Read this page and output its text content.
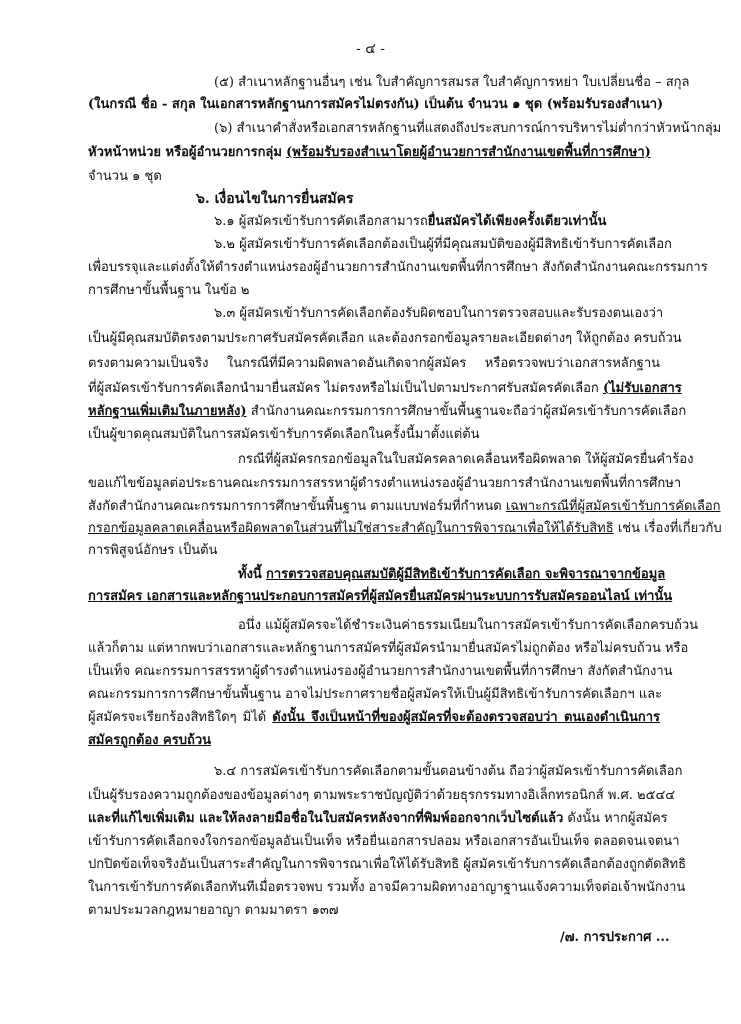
- ๔ -
(๕) สำเนาหลักฐานอื่นๆ เช่น ใบสำคัญการสมรส ใบสำคัญการหย่า ใบเปลี่ยนชื่อ – สกุล
(ในกรณี ชื่อ - สกุล ในเอกสารหลักฐานการสมัครไม่ตรงกัน) เป็นต้น จำนวน ๑ ชุด (พร้อมรับรองสำเนา)
(๖) สำเนาคำสั่งหรือเอกสารหลักฐานที่แสดงถึงประสบการณ์การบริหารไม่ต่ำกว่าหัวหน้ากลุ่ม
หัวหน้าหน่วย หรือผู้อำนวยการกลุ่ม (พร้อมรับรองสำเนาโดยผู้อำนวยการสำนักงานเขตพื้นที่การศึกษา)
จำนวน ๑ ชุด
๖. เงื่อนไขในการยื่นสมัคร
๖.๑ ผู้สมัครเข้ารับการคัดเลือกสามารถยื่นสมัครได้เพียงครั้งเดียวเท่านั้น
๖.๒ ผู้สมัครเข้ารับการคัดเลือกต้องเป็นผู้ที่มีคุณสมบัติของผู้มีสิทธิเข้ารับการคัดเลือก
เพื่อบรรจุและแต่งตั้งให้ดำรงตำแหน่งรองผู้อำนวยการสำนักงานเขตพื้นที่การศึกษา สังกัดสำนักงานคณะกรรมการ
การศึกษาขั้นพื้นฐาน ในข้อ ๒
๖.๓ ผู้สมัครเข้ารับการคัดเลือกต้องรับผิดชอบในการตรวจสอบและรับรองตนเองว่า
เป็นผู้มีคุณสมบัติตรงตามประกาศรับสมัครคัดเลือก และต้องกรอกข้อมูลรายละเอียดต่างๆ ให้ถูกต้อง ครบถ้วน
ตรงตามความเป็นจริง ในกรณีที่มีความผิดพลาดอันเกิดจากผู้สมัคร หรือตรวจพบว่าเอกสารหลักฐาน
ที่ผู้สมัครเข้ารับการคัดเลือกนำมายื่นสมัคร ไม่ตรงหรือไม่เป็นไปตามประกาศรับสมัครคัดเลือก (ไม่รับเอกสาร
หลักฐานเพิ่มเติมในภายหลัง) สำนักงานคณะกรรมการการศึกษาขั้นพื้นฐานจะถือว่าผู้สมัครเข้ารับการคัดเลือก
เป็นผู้ขาดคุณสมบัติในการสมัครเข้ารับการคัดเลือกในครั้งนี้มาตั้งแต่ต้น
กรณีที่ผู้สมัครกรอกข้อมูลในใบสมัครคลาดเคลื่อนหรือผิดพลาด ให้ผู้สมัครยื่นคำร้อง
ขอแก้ไขข้อมูลต่อประธานคณะกรรมการสรรหาผู้ดำรงตำแหน่งรองผู้อำนวยการสำนักงานเขตพื้นที่การศึกษา
สังกัดสำนักงานคณะกรรมการการศึกษาขั้นพื้นฐาน ตามแบบฟอร์มที่กำหนด เฉพาะกรณีที่ผู้สมัครเข้ารับการคัดเลือก
กรอกข้อมูลคลาดเคลื่อนหรือผิดพลาดในส่วนที่ไม่ใช่สาระสำคัญในการพิจารณาเพื่อให้ได้รับสิทธิ เช่น เรื่องที่เกี่ยวกับ
การพิสูจน์อักษร เป็นต้น
ทั้งนี้ การตรวจสอบคุณสมบัติผู้มีสิทธิเข้ารับการคัดเลือก จะพิจารณาจากข้อมูล
การสมัคร เอกสารและหลักฐานประกอบการสมัครที่ผู้สมัครยื่นสมัครผ่านระบบการรับสมัครออนไลน์ เท่านั้น
อนึ่ง แม้ผู้สมัครจะได้ชำระเงินค่าธรรมเนียมในการสมัครเข้ารับการคัดเลือกครบถ้วน
แล้วก็ตาม แต่หากพบว่าเอกสารและหลักฐานการสมัครที่ผู้สมัครนำมายื่นสมัครไม่ถูกต้อง หรือไม่ครบถ้วน หรือ
เป็นเท็จ คณะกรรมการสรรหาผู้ดำรงตำแหน่งรองผู้อำนวยการสำนักงานเขตพื้นที่การศึกษา สังกัดสำนักงาน
คณะกรรมการการศึกษาขั้นพื้นฐาน อาจไม่ประกาศรายชื่อผู้สมัครให้เป็นผู้มีสิทธิเข้ารับการคัดเลือกฯ และ
ผู้สมัครจะเรียกร้องสิทธิใดๆ มิได้ ดังนั้น จึงเป็นหน้าที่ของผู้สมัครที่จะต้องตรวจสอบว่า ตนเองดำเนินการ
สมัครถูกต้อง ครบถ้วน
๖.๔ การสมัครเข้ารับการคัดเลือกตามขั้นตอนข้างต้น ถือว่าผู้สมัครเข้ารับการคัดเลือก
เป็นผู้รับรองความถูกต้องของข้อมูลต่างๆ ตามพระราชบัญญัติว่าด้วยธุรกรรมทางอิเล็กทรอนิกส์ พ.ศ. ๒๕๔๔
และที่แก้ไขเพิ่มเติม และให้ลงลายมือชื่อในใบสมัครหลังจากที่พิมพ์ออกจากเว็บไซต์แล้ว ดังนั้น หากผู้สมัคร
เข้ารับการคัดเลือกจงใจกรอกข้อมูลอันเป็นเท็จ หรือยื่นเอกสารปลอม หรือเอกสารอันเป็นเท็จ ตลอดจนเจตนา
ปกปิดข้อเท็จจริงอันเป็นสาระสำคัญในการพิจารณาเพื่อให้ได้รับสิทธิ ผู้สมัครเข้ารับการคัดเลือกต้องถูกตัดสิทธิ
ในการเข้ารับการคัดเลือกทันทีเมื่อตรวจพบ รวมทั้ง อาจมีความผิดทางอาญาฐานแจ้งความเท็จต่อเจ้าพนักงาน
ตามประมวลกฎหมายอาญา ตามมาตรา ๑๓๗
/๗. การประกาศ ...
